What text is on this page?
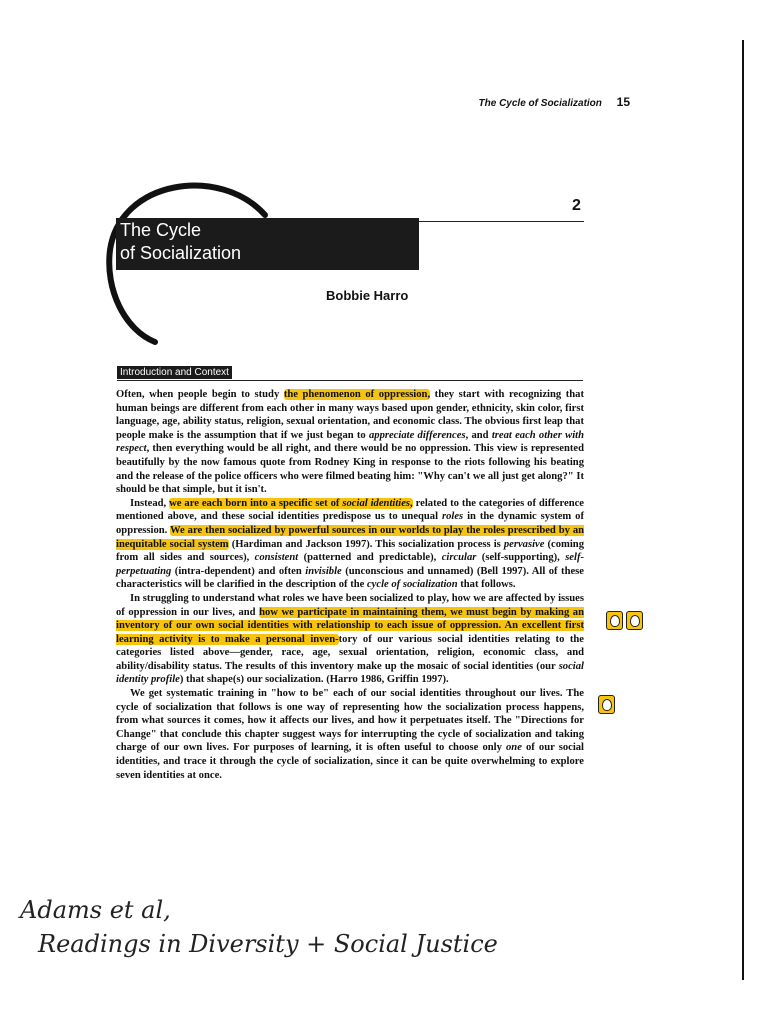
The Cycle of Socialization 15
2
The Cycle
of Socialization
Bobbie Harro
Introduction and Context

Often, when people begin to study the phenomenon of oppression, they start with recognizing that human beings are different from each other in many ways based upon gender, ethnicity, skin color, first language, age, ability status, religion, sexual orientation, and economic class. The obvious first leap that people make is the assumption that if we just began to appreciate differences, and treat each other with respect, then everything would be all right, and there would be no oppression. This view is represented beautifully by the now famous quote from Rodney King in response to the riots following his beating and the release of the police officers who were filmed beating him: "Why can't we all just get along?" It should be that simple, but it isn't.

Instead, we are each born into a specific set of social identities, related to the categories of difference mentioned above, and these social identities predispose us to unequal roles in the dynamic system of oppression. We are then socialized by powerful sources in our worlds to play the roles prescribed by an inequitable social system (Hardiman and Jackson 1997). This socialization process is pervasive (coming from all sides and sources), consistent (patterned and predictable), circular (self-supporting), self-perpetuating (intra-dependent) and often invisible (unconscious and unnamed) (Bell 1997). All of these characteristics will be clarified in the description of the cycle of socialization that follows.

In struggling to understand what roles we have been socialized to play, how we are affected by issues of oppression in our lives, and how we participate in maintaining them, we must begin by making an inventory of our own social identities with relationship to each issue of oppression. An excellent first learning activity is to make a personal inven-tory of our various social identities relating to the categories listed above—gender, race, age, sexual orientation, religion, economic class, and ability/disability status. The results of this inventory make up the mosaic of social identities (our social identity profile) that shape(s) our socialization. (Harro 1986, Griffin 1997).

We get systematic training in "how to be" each of our social identities throughout our lives. The cycle of socialization that follows is one way of representing how the socialization process happens, from what sources it comes, how it affects our lives, and how it perpetuates itself. The "Directions for Change" that conclude this chapter suggest ways for interrupting the cycle of socialization and taking charge of our own lives. For purposes of learning, it is often useful to choose only one of our social identities, and trace it through the cycle of socialization, since it can be quite overwhelming to explore seven identities at once.

Adams et al,
Readings in Diversity + Social Justice
